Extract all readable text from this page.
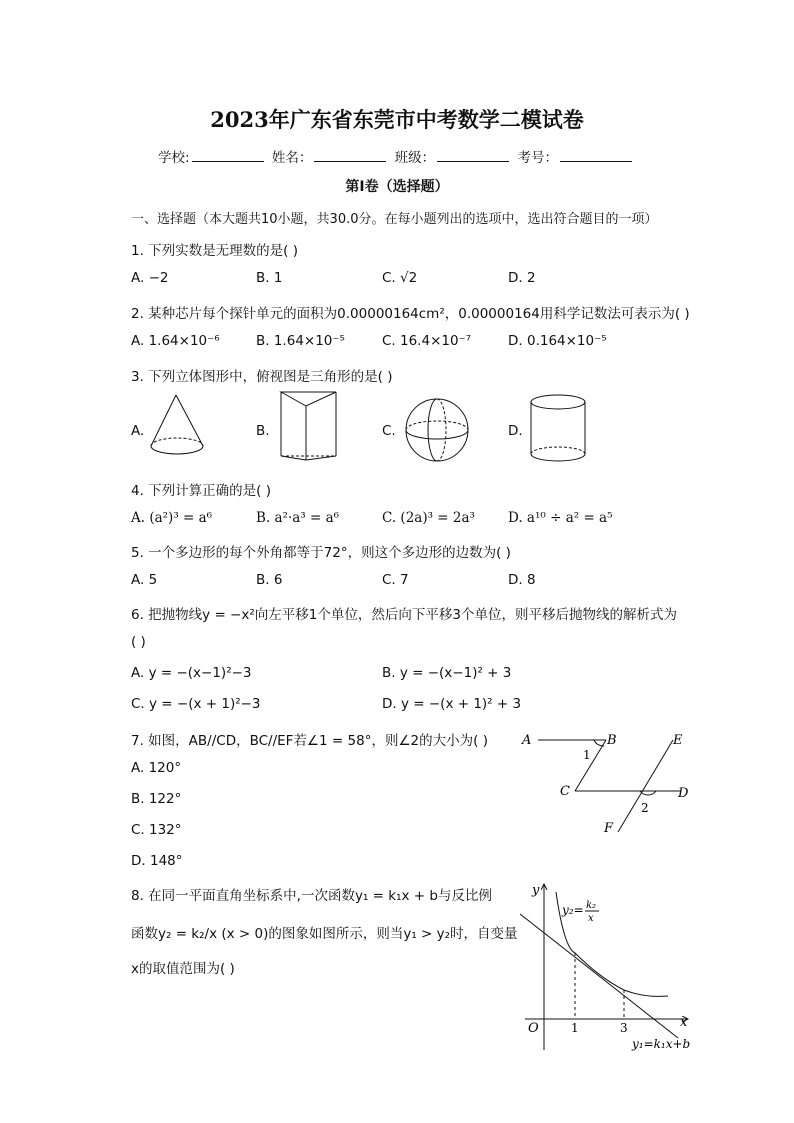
2023年广东省东莞市中考数学二模试卷
学校:	姓名：	班级：	考号：
第Ⅰ卷（选择题）
一、选择题（本大题共10小题，共30.0分。在每小题列出的选项中，选出符合题目的一项）
1. 下列实数是无理数的是( )
A. −2	B. 1	C. √2	D. 2
2. 某种芯片每个探针单元的面积为0.00000164cm²，0.00000164用科学记数法可表示为( )
A. 1.64×10⁻⁶	B. 1.64×10⁻⁵	C. 16.4×10⁻⁷	D. 0.164×10⁻⁵
3. 下列立体图形中，俯视图是三角形的是( )
A.	B.	C.	D.
4. 下列计算正确的是( )
A. (a²)³ = a⁶	B. a²·a³ = a⁶	C. (2a)³ = 2a³ D. a¹⁰ ÷ a² = a⁵
5. 一个多边形的每个外角都等于72°，则这个多边形的边数为( )
A. 5	B. 6	C. 7	D. 8
6. 把抛物线y = −x²向左平移1个单位，然后向下平移3个单位，则平移后抛物线的解析式为
( )
A. y = −(x−1)²−3	B. y = −(x−1)² + 3
C. y = −(x + 1)²−3	D. y = −(x + 1)² + 3
7. 如图，AB//CD，BC//EF若∠1 = 58°，则∠2的大小为( )
A. 120°
B. 122°
C. 132°
D. 148°
A	B	E
C	D
F
1
2
8. 在同一平面直角坐标系中,一次函数y₁ = k₁x + b与反比例
函数y₂ = k₂/x (x > 0)的图象如图所示，则当y₁ > y₂时，自变量
x的取值范围为( )
y
x
O	1	3
y₂= k₂
x
y₁=k₁x+b
